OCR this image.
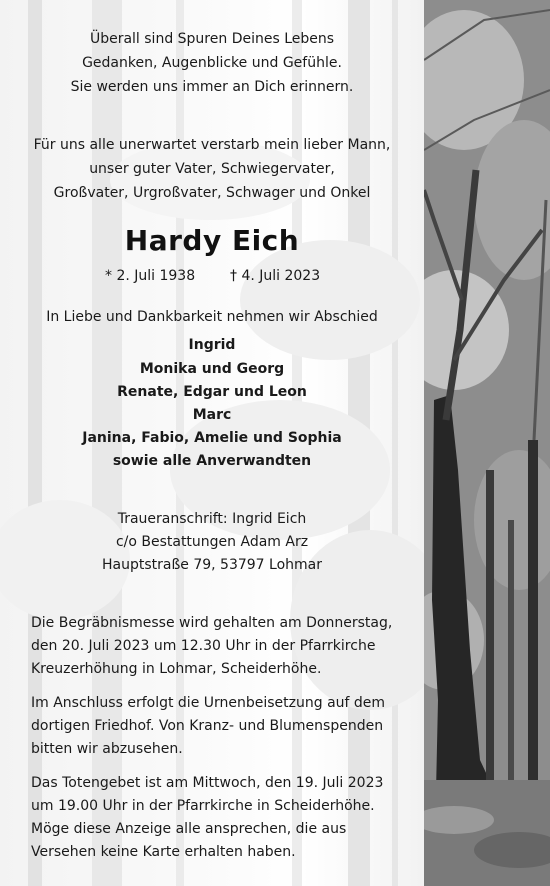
Überall sind Spuren Deines Lebens
Gedanken, Augenblicke und Gefühle.
Sie werden uns immer an Dich erinnern.
Für uns alle unerwartet verstarb mein lieber Mann,
unser guter Vater, Schwiegervater,
Großvater, Urgroßvater, Schwager und Onkel
Hardy Eich
* 2. Juli 1938 † 4. Juli 2023
In Liebe und Dankbarkeit nehmen wir Abschied
Ingrid
Monika und Georg
Renate, Edgar und Leon
Marc
Janina, Fabio, Amelie und Sophia
sowie alle Anverwandten
Traueranschrift: Ingrid Eich
c/o Bestattungen Adam Arz
Hauptstraße 79, 53797 Lohmar
Die Begräbnismesse wird gehalten am Donnerstag,
den 20. Juli 2023 um 12.30 Uhr in der Pfarrkirche
Kreuzerhöhung in Lohmar, Scheiderhöhe.
Im Anschluss erfolgt die Urnenbeisetzung auf dem
dortigen Friedhof. Von Kranz- und Blumenspenden
bitten wir abzusehen.
Das Totengebet ist am Mittwoch, den 19. Juli 2023
um 19.00 Uhr in der Pfarrkirche in Scheiderhöhe.
Möge diese Anzeige alle ansprechen, die aus
Versehen keine Karte erhalten haben.
